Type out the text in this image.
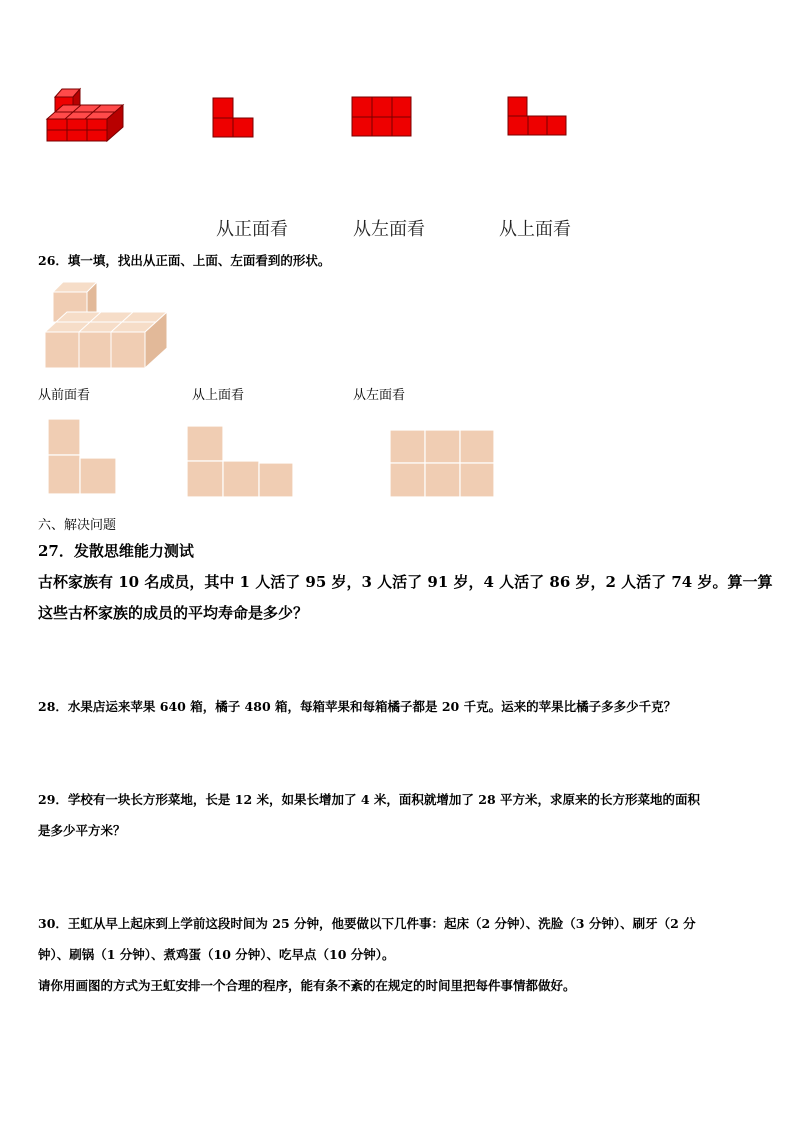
从正面看	从左面看	从上面看
26．填一填，找出从正面、上面、左面看到的形状。
从前面看	从上面看	从左面看
六、解决问题
27．发散思维能力测试
古杯家族有 10 名成员，其中 1 人活了 95 岁，3 人活了 91 岁，4 人活了 86 岁，2 人活了 74 岁。算一算
这些古杯家族的成员的平均寿命是多少？
28．水果店运来苹果 640 箱，橘子 480 箱，每箱苹果和每箱橘子都是 20 千克。运来的苹果比橘子多多少千克？
29．学校有一块长方形菜地，长是 12 米，如果长增加了 4 米，面积就增加了 28 平方米，求原来的长方形菜地的面积
是多少平方米？
30．王虹从早上起床到上学前这段时间为 25 分钟，他要做以下几件事：起床（2 分钟）、洗脸（3 分钟）、刷牙（2 分
钟）、刷锅（1 分钟）、煮鸡蛋（10 分钟）、吃早点（10 分钟）。
请你用画图的方式为王虹安排一个合理的程序，能有条不紊的在规定的时间里把每件事情都做好。
